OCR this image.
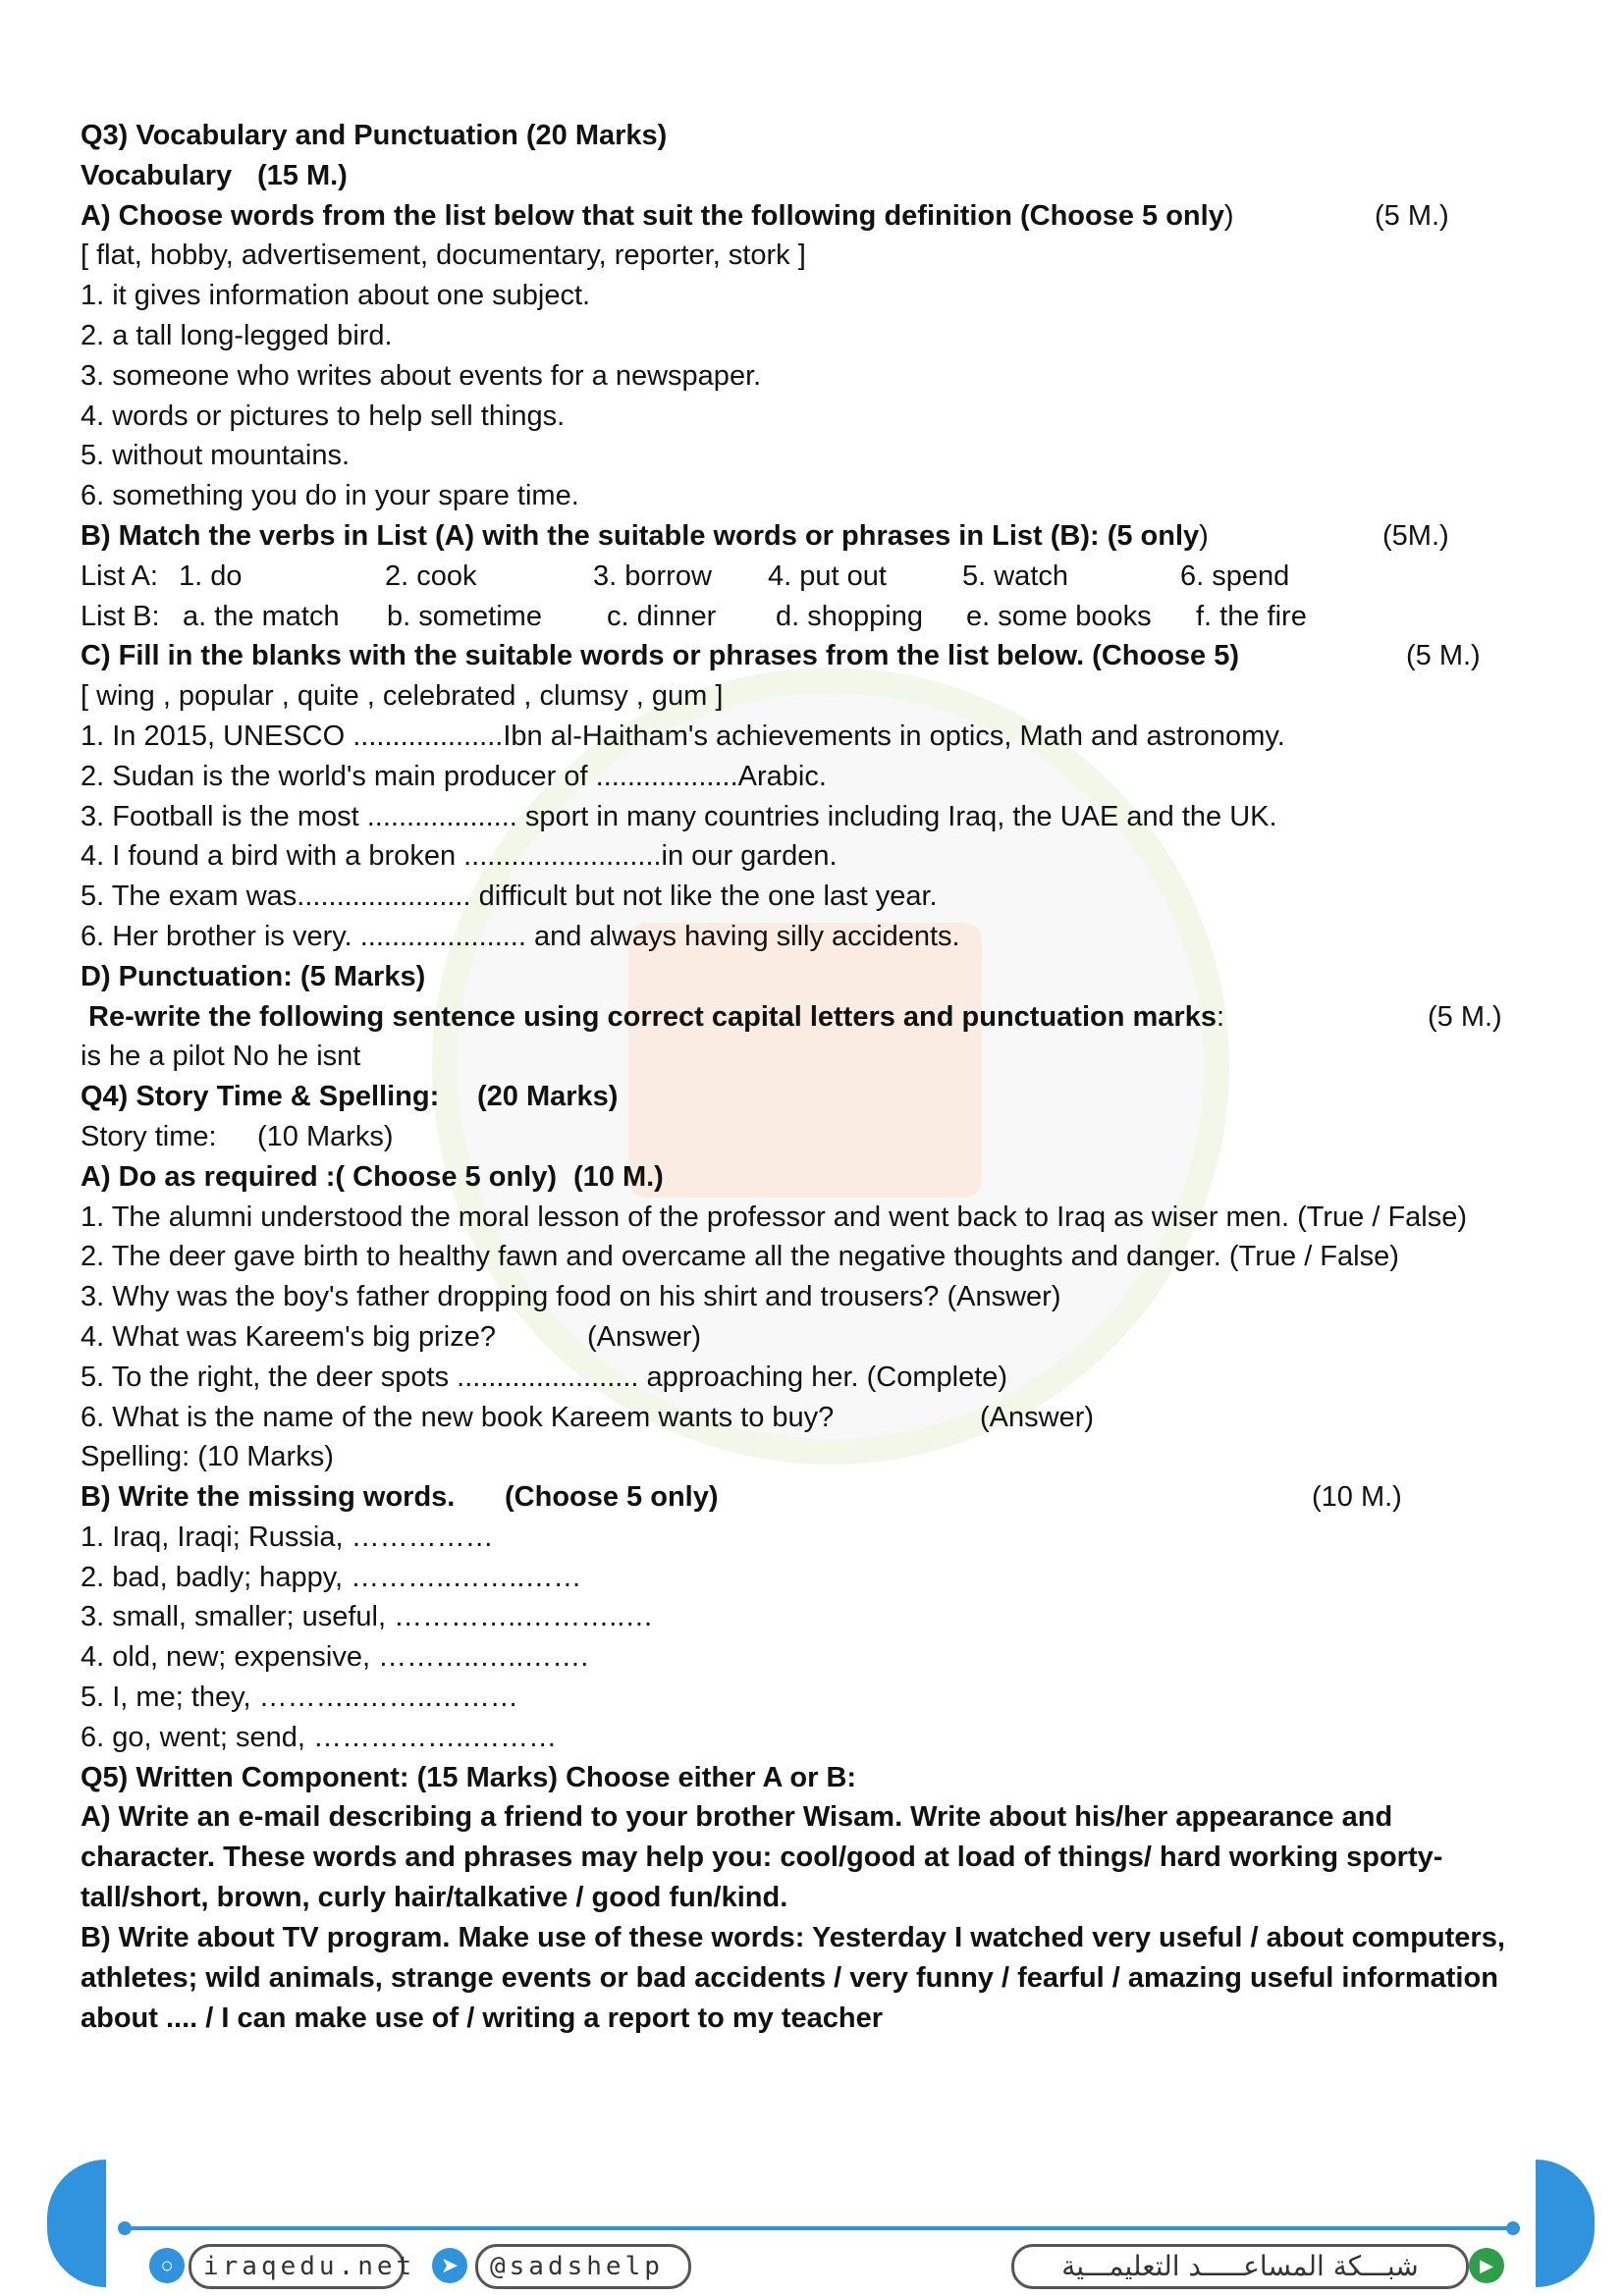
Q3) Vocabulary and Punctuation (20 Marks)
Vocabulary (15 M.)
A) Choose words from the list below that suit the following definition (Choose 5 only)	(5 M.)
[ flat, hobby, advertisement, documentary, reporter, stork ]
1. it gives information about one subject.
2. a tall long-legged bird.
3. someone who writes about events for a newspaper.
4. words or pictures to help sell things.
5. without mountains.
6. something you do in your spare time.
B) Match the verbs in List (A) with the suitable words or phrases in List (B): (5 only)	(5M.)
List A: 1. do	2. cook	3. borrow 4. put out	5. watch	6. spend
List B: a. the match b. sometime c. dinner d. shopping e. some books f. the fire
C) Fill in the blanks with the suitable words or phrases from the list below. (Choose 5)	(5 M.)
[ wing , popular , quite , celebrated , clumsy , gum ]
1. In 2015, UNESCO ...................Ibn al-Haitham's achievements in optics, Math and astronomy.
2. Sudan is the world's main producer of ..................Arabic.
3. Football is the most ................... sport in many countries including Iraq, the UAE and the UK.
4. I found a bird with a broken .........................in our garden.
5. The exam was...................... difficult but not like the one last year.
6. Her brother is very. ..................... and always having silly accidents.
D) Punctuation: (5 Marks)
Re-write the following sentence using correct capital letters and punctuation marks:	(5 M.)
is he a pilot No he isnt
Q4) Story Time & Spelling: (20 Marks)
Story time: (10 Marks)
A) Do as required :( Choose 5 only) (10 M.)
1. The alumni understood the moral lesson of the professor and went back to Iraq as wiser men. (True / False)
2. The deer gave birth to healthy fawn and overcame all the negative thoughts and danger. (True / False)
3. Why was the boy's father dropping food on his shirt and trousers? (Answer)
4. What was Kareem's big prize?	(Answer)
5. To the right, the deer spots ....................... approaching her. (Complete)
6. What is the name of the new book Kareem wants to buy?	(Answer)
Spelling: (10 Marks)
B) Write the missing words. (Choose 5 only)	(10 M.)
1. Iraq, Iraqi; Russia, ……………
2. bad, badly; happy, ………..……..……
3. small, smaller; useful, …………..………..…
4. old, new; expensive, ………..…..…….
5. I, me; they, ………..……..………
6. go, went; send, ……………..………
Q5) Written Component: (15 Marks) Choose either A or B:
A) Write an e-mail describing a friend to your brother Wisam. Write about his/her appearance and character. These words and phrases may help you: cool/good at load of things/ hard working sporty- tall/short, brown, curly hair/talkative / good fun/kind.
B) Write about TV program. Make use of these words: Yesterday I watched very useful / about computers, athletes; wild animals, strange events or bad accidents / very funny / fearful / amazing useful information about .... / I can make use of / writing a report to my teacher
○	iraqedu.net	➤	@sadshelp	شبـــكة المساعـــــد التعليمـــية	▶
